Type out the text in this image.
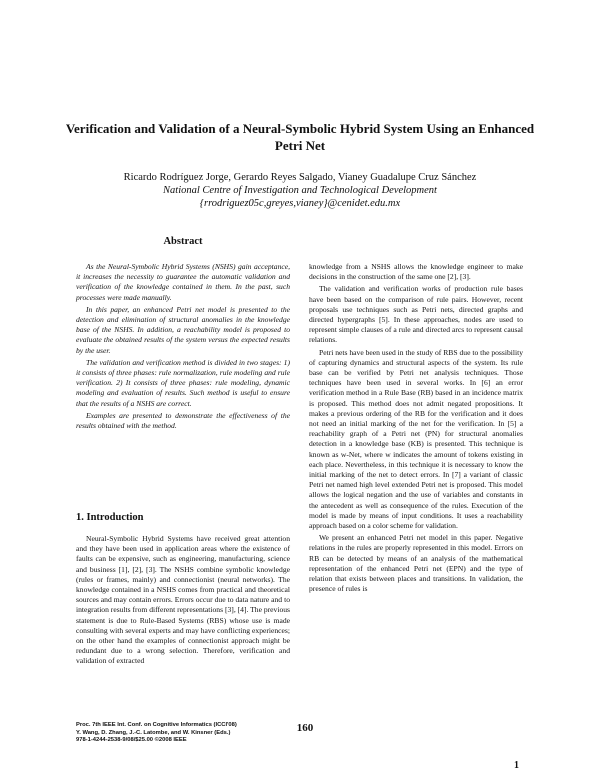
Verification and Validation of a Neural-Symbolic Hybrid System Using an Enhanced Petri Net
Ricardo Rodríguez Jorge, Gerardo Reyes Salgado, Vianey Guadalupe Cruz Sánchez
National Centre of Investigation and Technological Development
{rrodriguez05c,greyes,vianey}@cenidet.edu.mx
Abstract

As the Neural-Symbolic Hybrid Systems (NSHS) gain acceptance, it increases the necessity to guarantee the automatic validation and verification of the knowledge contained in them. In the past, such processes were made manually.

In this paper, an enhanced Petri net model is presented to the detection and elimination of structural anomalies in the knowledge base of the NSHS. In addition, a reachability model is proposed to evaluate the obtained results of the system versus the expected results by the user.

The validation and verification method is divided in two stages: 1) it consists of three phases: rule normalization, rule modeling and rule verification. 2) It consists of three phases: rule modeling, dynamic modeling and evaluation of results. Such method is useful to ensure that the results of a NSHS are correct.

Examples are presented to demonstrate the effectiveness of the results obtained with the method.

1. Introduction

Neural-Symbolic Hybrid Systems have received great attention and they have been used in application areas where the existence of faults can be expensive, such as engineering, manufacturing, science and business [1], [2], [3]. The NSHS combine symbolic knowledge (rules or frames, mainly) and connectionist (neural networks). The knowledge contained in a NSHS comes from practical and theoretical sources and may contain errors. Errors occur due to data nature and to integration results from different representations [3], [4]. The previous statement is due to Rule-Based Systems (RBS) whose use is made consulting with several experts and may have conflicting experiences; on the other hand the examples of connectionist approach might be redundant due to a wrong selection. Therefore, verification and validation of extracted

knowledge from a NSHS allows the knowledge engineer to make decisions in the construction of the same one [2], [3].

The validation and verification works of production rule bases have been based on the comparison of rule pairs. However, recent proposals use techniques such as Petri nets, directed graphs and directed hypergraphs [5]. In these approaches, nodes are used to represent simple clauses of a rule and directed arcs to represent causal relations.

Petri nets have been used in the study of RBS due to the possibility of capturing dynamics and structural aspects of the system. Its rule base can be verified by Petri net analysis techniques. Those techniques have been used in several works. In [6] an error verification method in a Rule Base (RB) based in an incidence matrix is proposed. This method does not admit negated propositions. It makes a previous ordering of the RB for the verification and it does not need an initial marking of the net for the verification. In [5] a reachability graph of a Petri net (PN) for structural anomalies detection in a knowledge base (KB) is presented. This technique is known as w-Net, where w indicates the amount of tokens existing in each place. Nevertheless, in this technique it is necessary to know the initial marking of the net to detect errors. In [7] a variant of classic Petri net named high level extended Petri net is proposed. This model allows the logical negation and the use of variables and constants in the antecedent as well as consequence of the rules. Execution of the model is made by means of input conditions. It uses a reachability approach based on a color scheme for validation.

We present an enhanced Petri net model in this paper. Negative relations in the rules are properly represented in this model. Errors on RB can be detected by means of an analysis of the mathematical representation of the enhanced Petri net (EPN) and the type of relation that exists between places and transitions. In validation, the presence of rules is

Proc. 7th IEEE Int. Conf. on Cognitive Informatics (ICCI'08)
Y. Wang, D. Zhang, J.-C. Latombe, and W. Kinsner (Eds.)
978-1-4244-2538-9/08/$25.00 ©2008 IEEE
160
1
